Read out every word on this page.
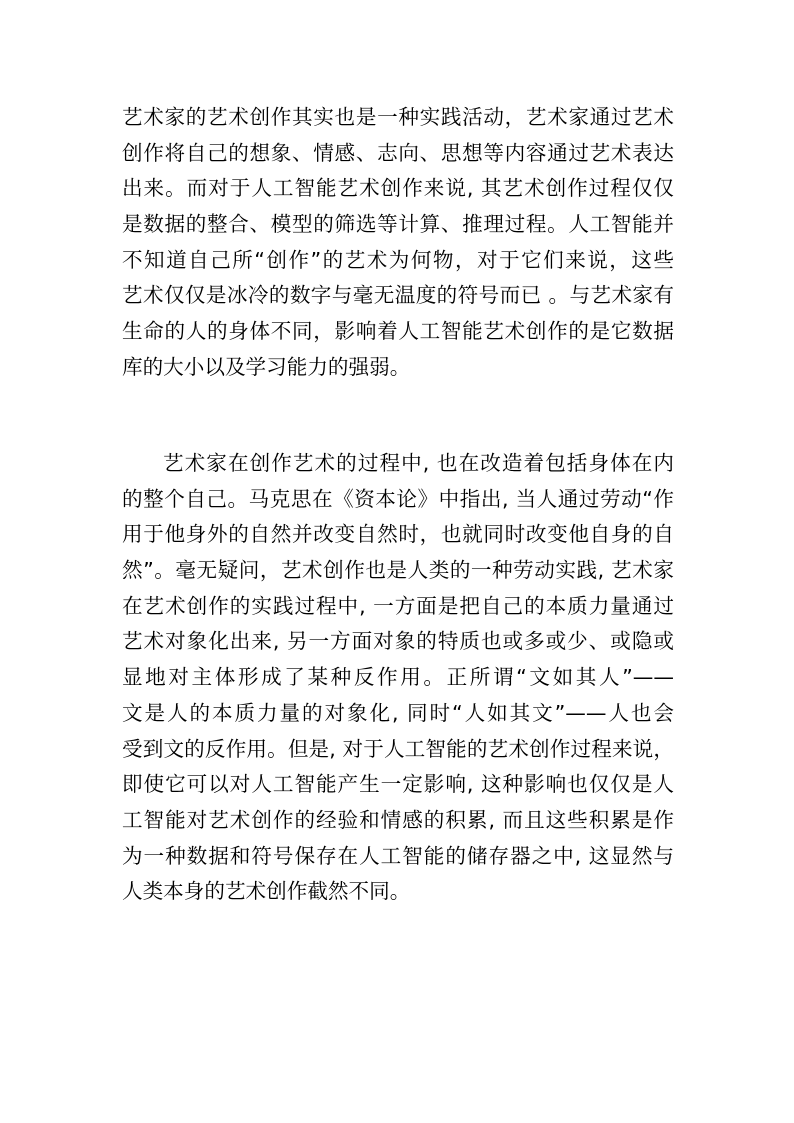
艺术家的艺术创作其实也是一种实践活动，艺术家通过艺术
创作将自己的想象、情感、志向、思想等内容通过艺术表达
出来。而对于人工智能艺术创作来说, 其艺术创作过程仅仅
是数据的整合、模型的筛选等计算、推理过程。人工智能并
不知道自己所“创作”的艺术为何物，对于它们来说，这些
艺术仅仅是冰冷的数字与毫无温度的符号而已 。与艺术家有
生命的人的身体不同，影响着人工智能艺术创作的是它数据
库的大小以及学习能力的强弱。
艺术家在创作艺术的过程中, 也在改造着包括身体在内
的整个自己。马克思在《资本论》中指出, 当人通过劳动“作
用于他身外的自然并改变自然时，也就同时改变他自身的自
然”。毫无疑问，艺术创作也是人类的一种劳动实践, 艺术家
在艺术创作的实践过程中, 一方面是把自己的本质力量通过
艺术对象化出来, 另一方面对象的特质也或多或少、或隐或
显地对主体形成了某种反作用。正所谓“文如其人”——
文是人的本质力量的对象化, 同时“人如其文”——人也会
受到文的反作用。但是, 对于人工智能的艺术创作过程来说，
即使它可以对人工智能产生一定影响, 这种影响也仅仅是人
工智能对艺术创作的经验和情感的积累, 而且这些积累是作
为一种数据和符号保存在人工智能的储存器之中, 这显然与
人类本身的艺术创作截然不同。
